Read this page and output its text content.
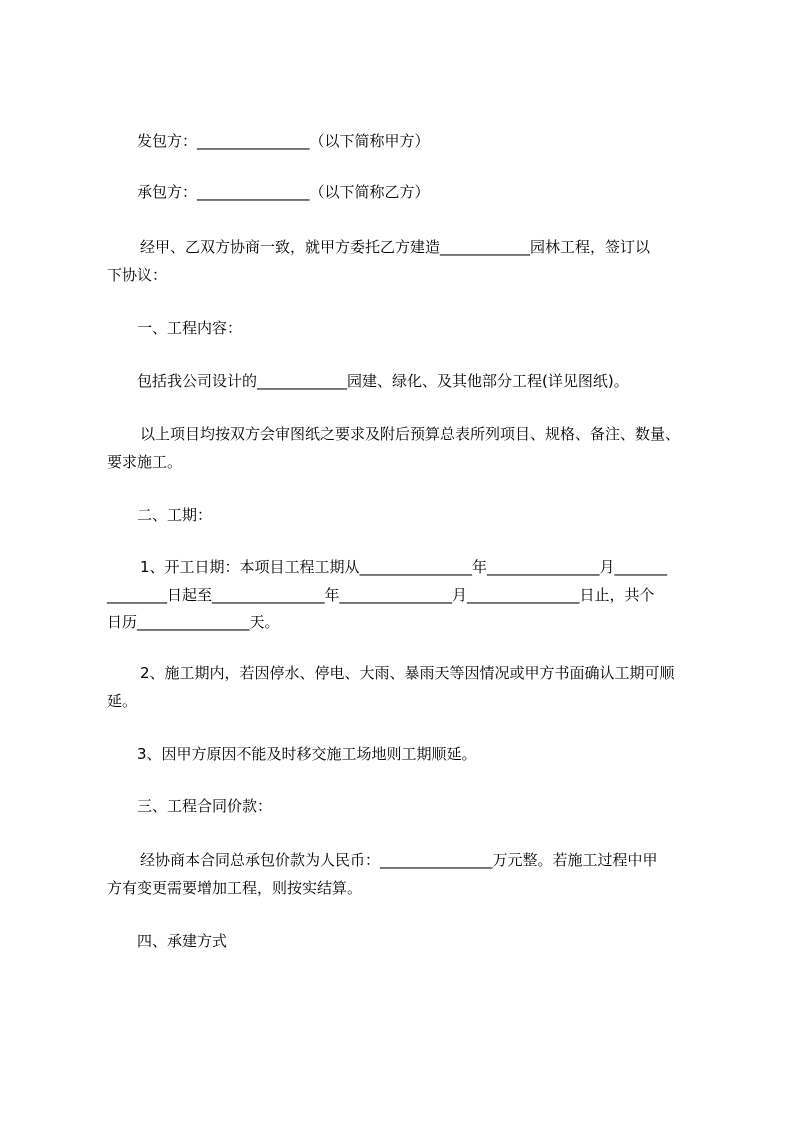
发包方：_______________（以下简称甲方）
承包方：_______________（以下简称乙方）
经甲、乙双方协商一致，就甲方委托乙方建造____________园林工程，签订以
下协议：
一、工程内容：
包括我公司设计的____________园建、绿化、及其他部分工程(详见图纸)。
以上项目均按双方会审图纸之要求及附后预算总表所列项目、规格、备注、数量、
要求施工。
二、工期：
1、开工日期：本项目工程工期从_______________年_______________月_______
________日起至_______________年_______________月_______________日止，共个
日历_______________天。
2、施工期内，若因停水、停电、大雨、暴雨天等因情况或甲方书面确认工期可顺
延。
3、因甲方原因不能及时移交施工场地则工期顺延。
三、工程合同价款：
经协商本合同总承包价款为人民币：_______________万元整。若施工过程中甲
方有变更需要增加工程，则按实结算。
四、承建方式
